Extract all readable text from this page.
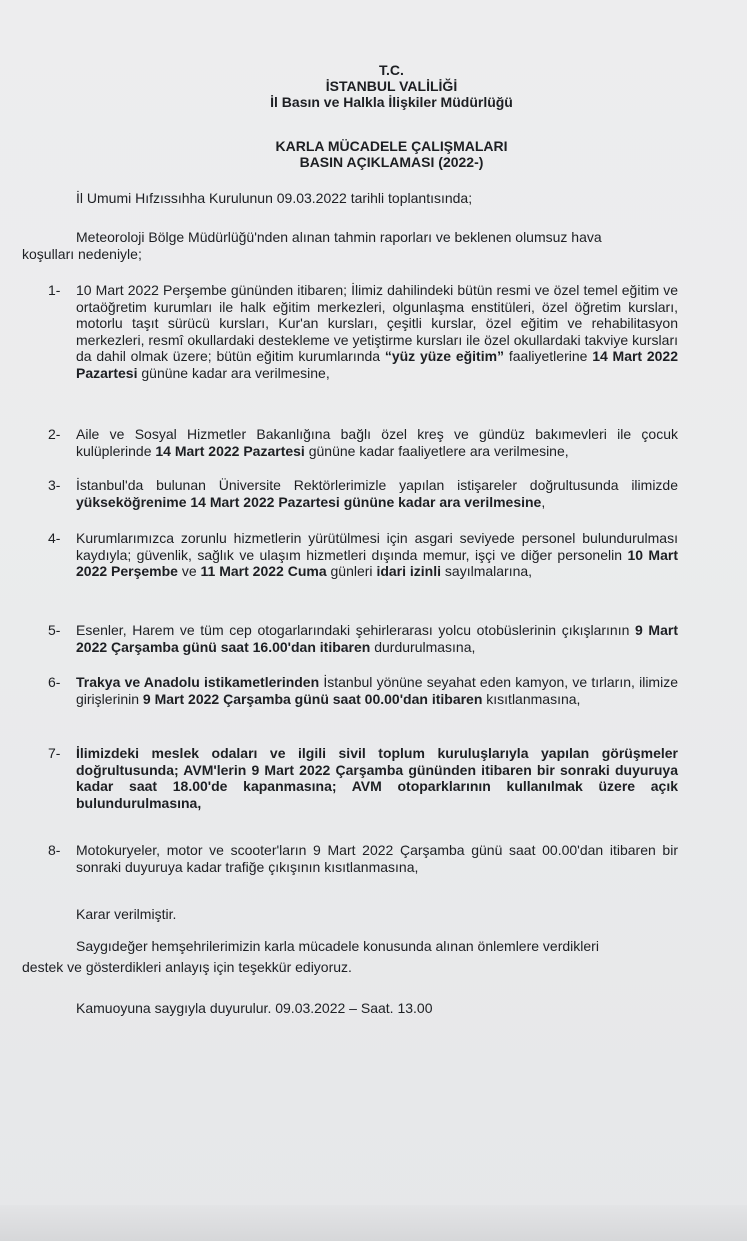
T.C.
İSTANBUL VALİLİĞİ
İl Basın ve Halkla İlişkiler Müdürlüğü
KARLA MÜCADELE ÇALIŞMALARI
BASIN AÇIKLAMASI (2022-)
İl Umumi Hıfzıssıhha Kurulunun 09.03.2022 tarihli toplantısında;
Meteoroloji Bölge Müdürlüğü'nden alınan tahmin raporları ve beklenen olumsuz hava
koşulları nedeniyle;
1-	10 Mart 2022 Perşembe gününden itibaren; İlimiz dahilindeki bütün resmi ve özel temel eğitim ve ortaöğretim kurumları ile halk eğitim merkezleri, olgunlaşma enstitüleri, özel öğretim kursları, motorlu taşıt sürücü kursları, Kur'an kursları, çeşitli kurslar, özel eğitim ve rehabilitasyon merkezleri, resmî okullardaki destekleme ve yetiştirme kursları ile özel okullardaki takviye kursları da dahil olmak üzere; bütün eğitim kurumlarında “yüz yüze eğitim” faaliyetlerine 14 Mart 2022 Pazartesi gününe kadar ara verilmesine,
2-	Aile ve Sosyal Hizmetler Bakanlığına bağlı özel kreş ve gündüz bakımevleri ile çocuk kulüplerinde 14 Mart 2022 Pazartesi gününe kadar faaliyetlere ara verilmesine,
3-	İstanbul'da bulunan Üniversite Rektörlerimizle yapılan istişareler doğrultusunda ilimizde yükseköğrenime 14 Mart 2022 Pazartesi gününe kadar ara verilmesine,
4-	Kurumlarımızca zorunlu hizmetlerin yürütülmesi için asgari seviyede personel bulundurulması kaydıyla; güvenlik, sağlık ve ulaşım hizmetleri dışında memur, işçi ve diğer personelin 10 Mart 2022 Perşembe ve 11 Mart 2022 Cuma günleri idari izinli sayılmalarına,
5-	Esenler, Harem ve tüm cep otogarlarındaki şehirlerarası yolcu otobüslerinin çıkışlarının 9 Mart 2022 Çarşamba günü saat 16.00'dan itibaren durdurulmasına,
6-	Trakya ve Anadolu istikametlerinden İstanbul yönüne seyahat eden kamyon, ve tırların, ilimize girişlerinin 9 Mart 2022 Çarşamba günü saat 00.00'dan itibaren kısıtlanmasına,
7-	İlimizdeki meslek odaları ve ilgili sivil toplum kuruluşlarıyla yapılan görüşmeler doğrultusunda; AVM'lerin 9 Mart 2022 Çarşamba gününden itibaren bir sonraki duyuruya kadar saat 18.00'de kapanmasına; AVM otoparklarının kullanılmak üzere açık bulundurulmasına,
8-	Motokuryeler, motor ve scooter'ların 9 Mart 2022 Çarşamba günü saat 00.00'dan itibaren bir sonraki duyuruya kadar trafiğe çıkışının kısıtlanmasına,
Karar verilmiştir.
Saygıdeğer hemşehrilerimizin karla mücadele konusunda alınan önlemlere verdikleri
destek ve gösterdikleri anlayış için teşekkür ediyoruz.
Kamuoyuna saygıyla duyurulur. 09.03.2022 – Saat. 13.00
